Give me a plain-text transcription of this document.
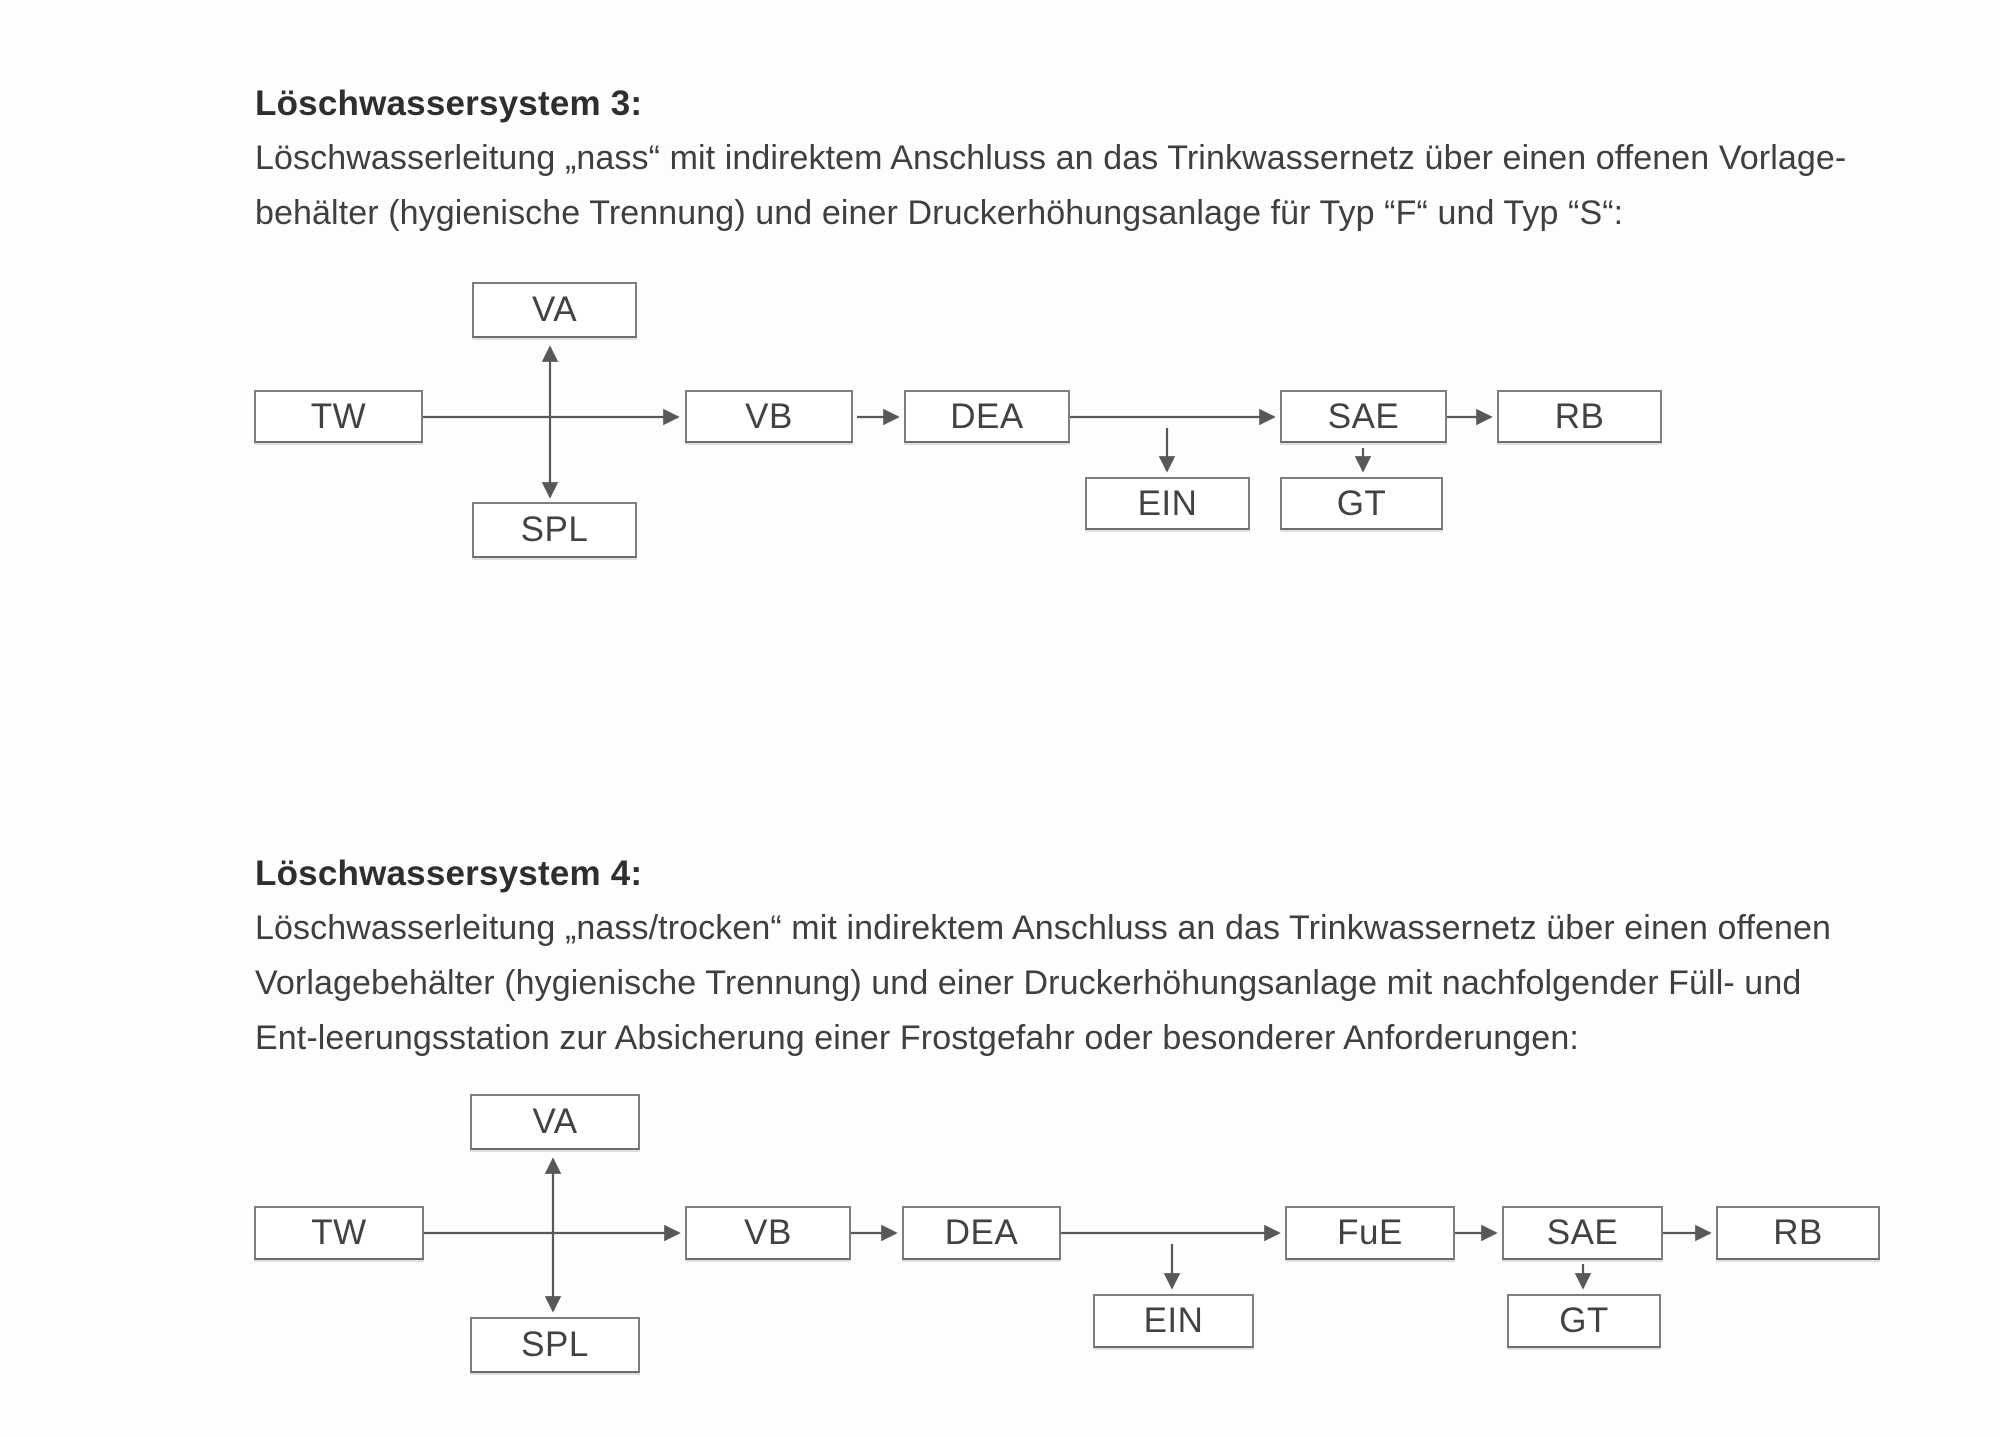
Löschwassersystem 3:

Löschwasserleitung „nass“ mit indirektem Anschluss an das Trinkwassernetz über einen offenen Vorlage-

behälter (hygienische Trennung) und einer Druckerhöhungsanlage für Typ “F“ und Typ “S“:

TW
VA
SPL
VB	DEA
EIN
SAE
GT
RB
Löschwassersystem 4:

Löschwasserleitung „nass/trocken“ mit indirektem Anschluss an das Trinkwassernetz über einen offenen

Vorlagebehälter (hygienische Trennung) und einer Druckerhöhungsanlage mit nachfolgender Füll- und

Ent-leerungsstation zur Absicherung einer Frostgefahr oder besonderer Anforderungen:

TW
VA
SPL
VB	DEA
EIN
FuE	SAE
GT
RB
